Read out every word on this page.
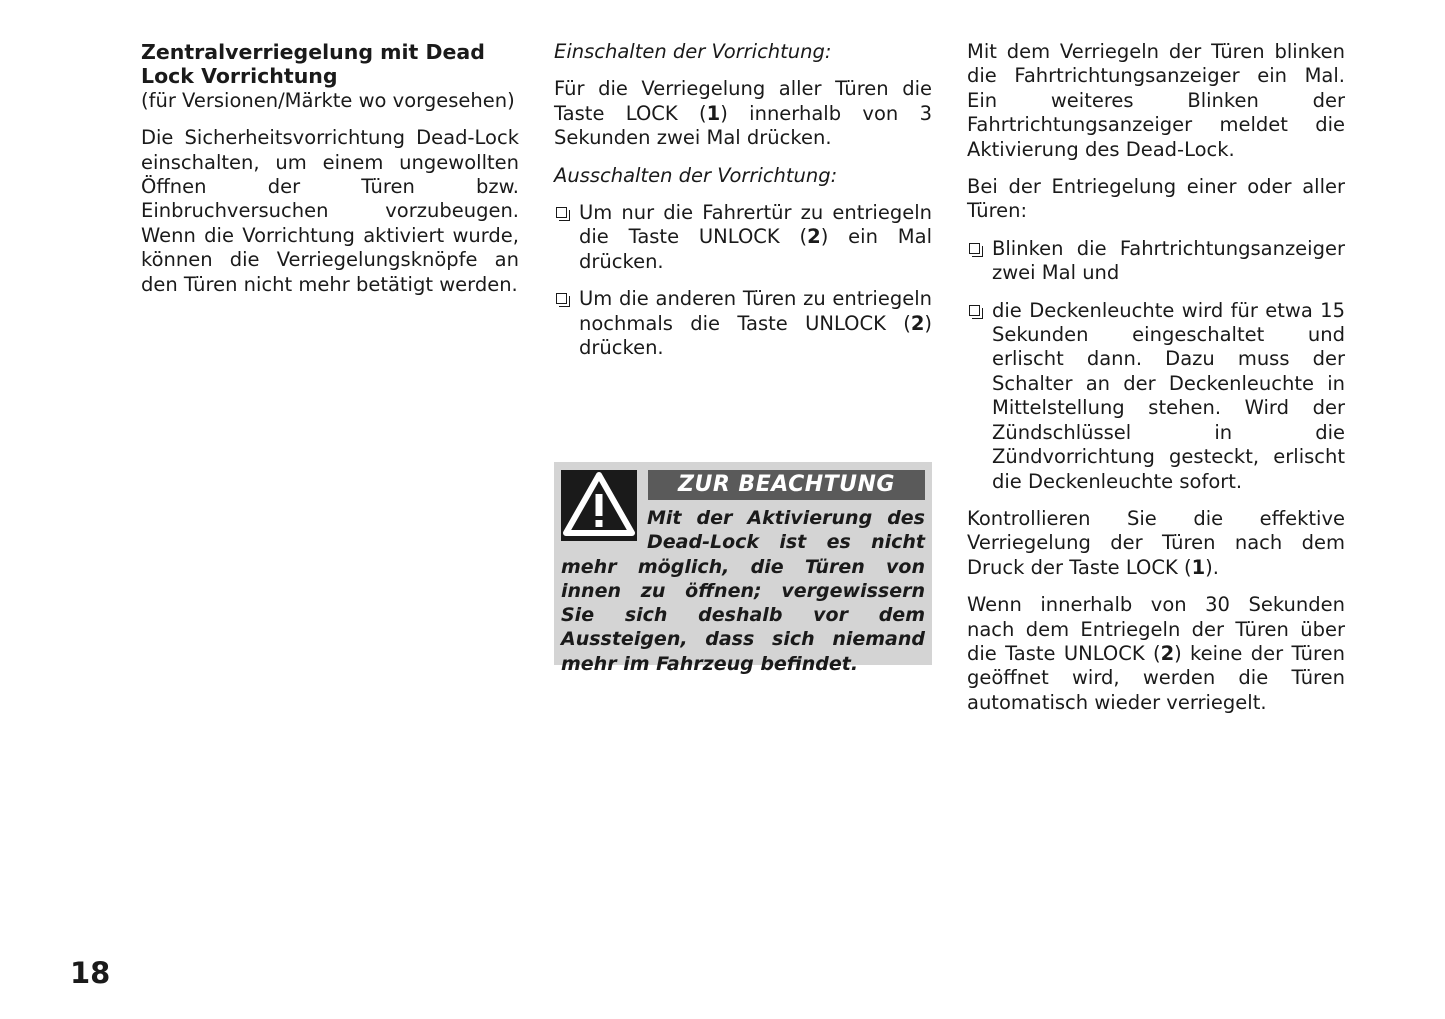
Zentralverriegelung mit Dead
Lock Vorrichtung

(für Versionen/Märkte wo vorgesehen)

Die Sicherheitsvorrichtung Dead-Lock einschalten, um einem ungewollten Öffnen der Türen bzw. Einbruchversuchen vorzubeugen. Wenn die Vorrichtung aktiviert wurde, können die Verriegelungsknöpfe an den Türen nicht mehr betätigt werden.

Einschalten der Vorrichtung:

Für die Verriegelung aller Türen die Taste LOCK (1) innerhalb von 3 Sekunden zwei Mal drücken.

Ausschalten der Vorrichtung:

Um nur die Fahrertür zu entriegeln die Taste UNLOCK (2) ein Mal drücken.
Um die anderen Türen zu entriegeln nochmals die Taste UNLOCK (2) drücken.
ZUR BEACHTUNG
Mit der Aktivierung des Dead-Lock ist es nicht mehr möglich, die Türen von innen zu öffnen; vergewissern Sie sich deshalb vor dem Aussteigen, dass sich niemand mehr im Fahrzeug befindet.

Mit dem Verriegeln der Türen blinken die Fahrtrichtungsanzeiger ein Mal. Ein weiteres Blinken der Fahrtrichtungsanzeiger meldet die Aktivierung des Dead-Lock.

Bei der Entriegelung einer oder aller Türen:

Blinken die Fahrtrichtungsanzeiger zwei Mal und
die Deckenleuchte wird für etwa 15 Sekunden eingeschaltet und erlischt dann. Dazu muss der Schalter an der Deckenleuchte in Mittelstellung stehen. Wird der Zündschlüssel in die Zündvorrichtung gesteckt, erlischt die Deckenleuchte sofort.

Kontrollieren Sie die effektive Verriegelung der Türen nach dem Druck der Taste LOCK (1).

Wenn innerhalb von 30 Sekunden nach dem Entriegeln der Türen über die Taste UNLOCK (2) keine der Türen geöffnet wird, werden die Türen automatisch wieder verriegelt.

18
